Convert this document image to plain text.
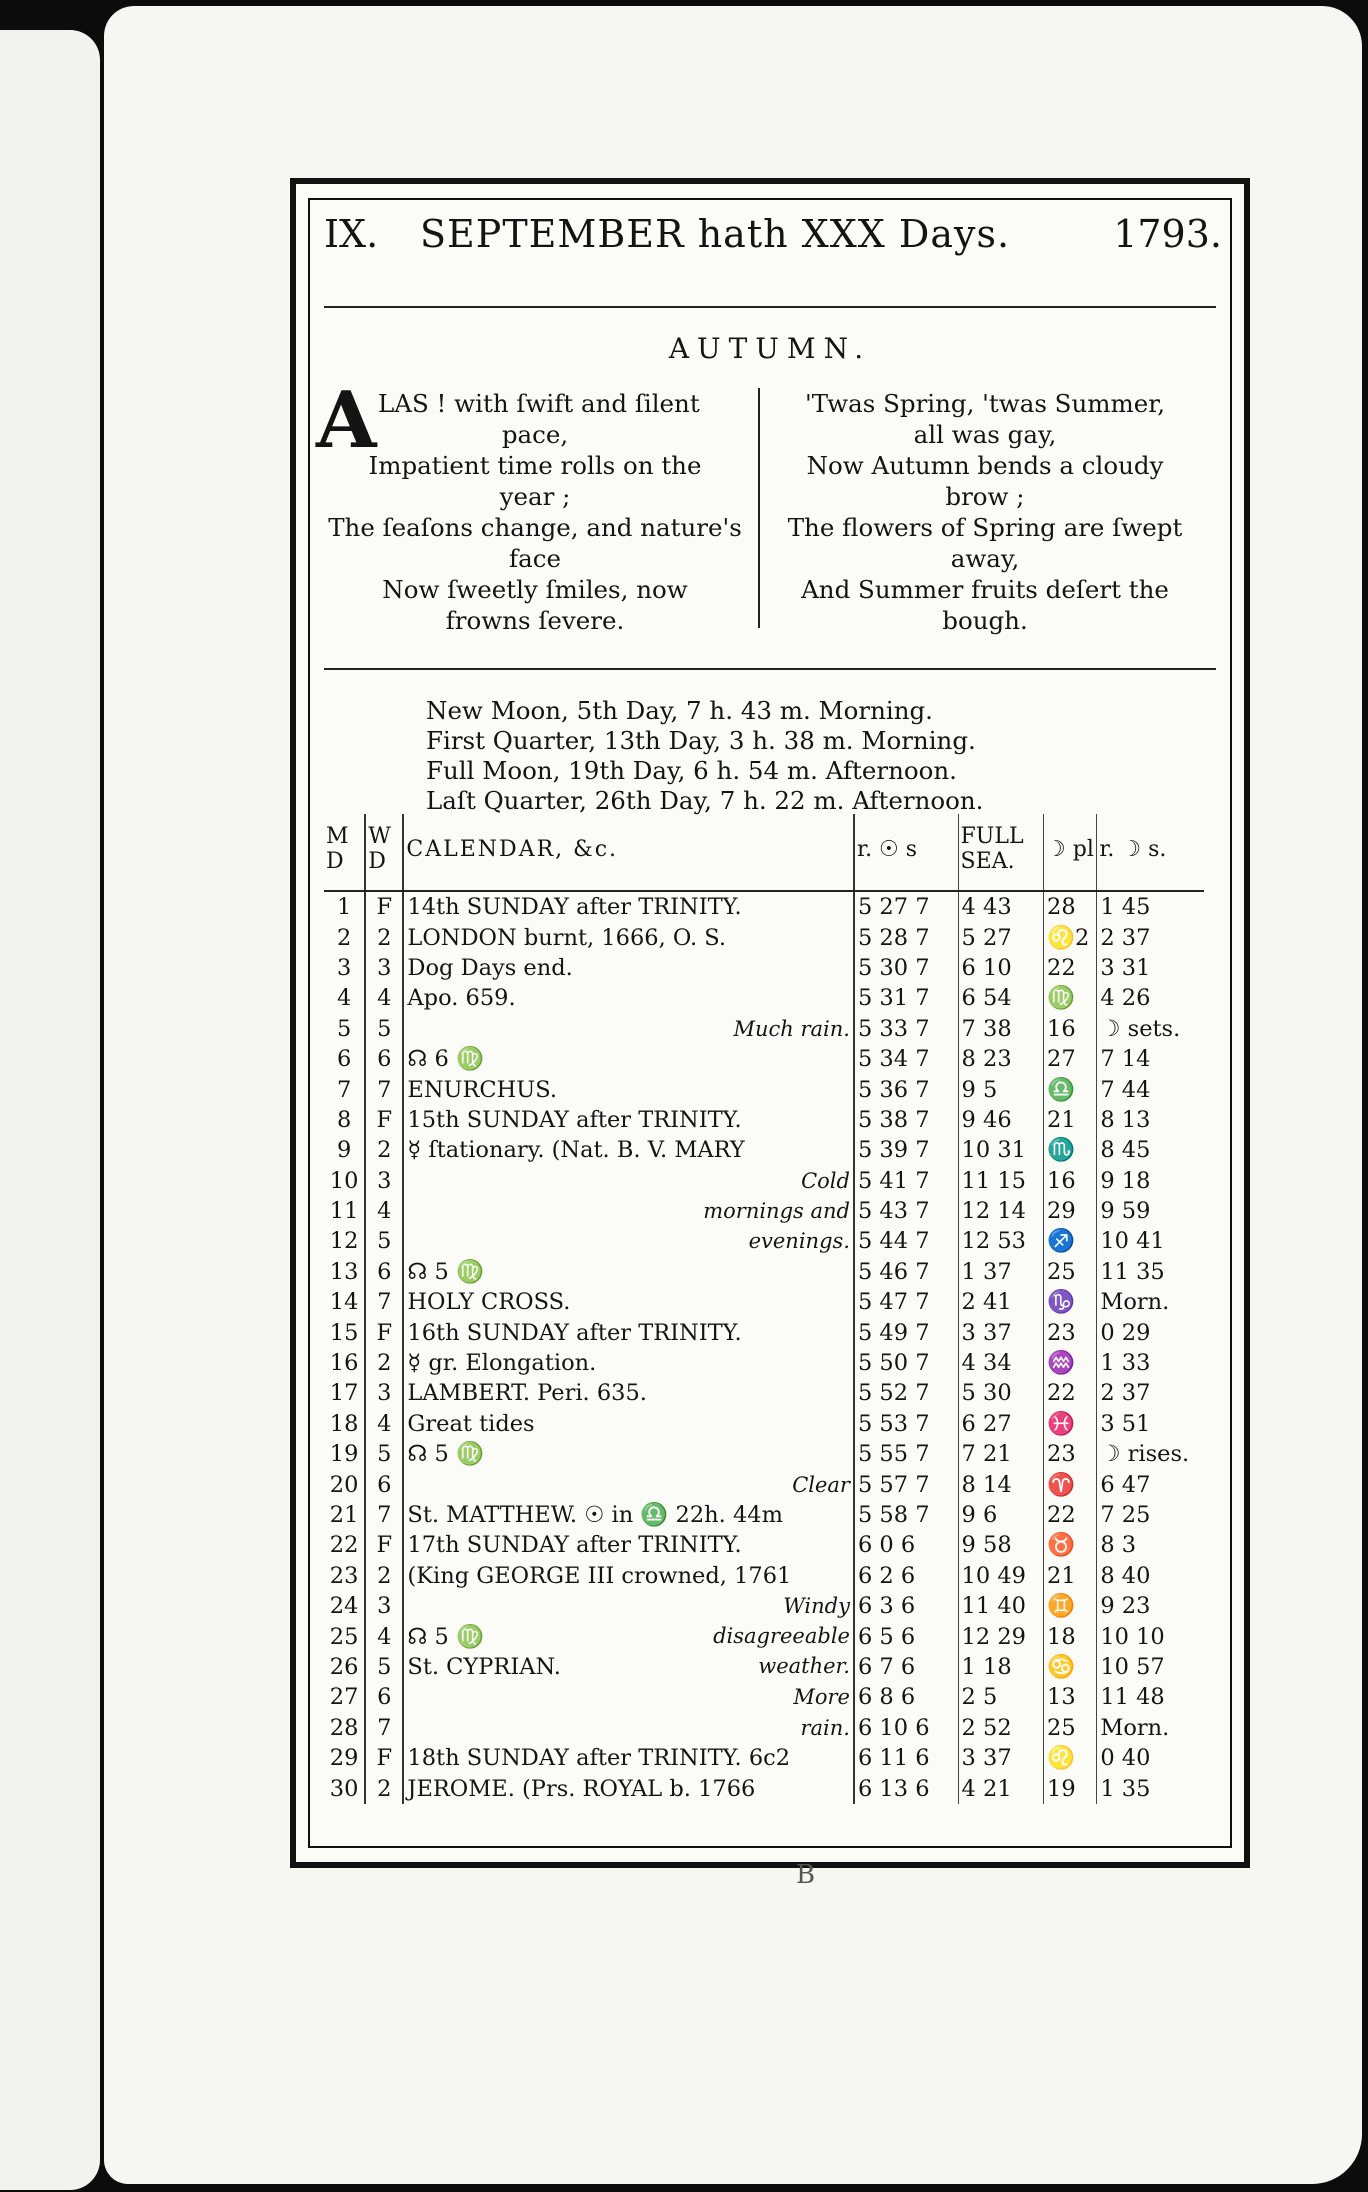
IX. SEPTEMBER hath XXX Days.	1793.
AUTUMN.
A LAS ! with ſwift and ſilent
pace,
Impatient time rolls on the
year ;
The ſeaſons change, and nature's
face
Now ſweetly ſmiles, now
frowns ſevere.
'Twas Spring, 'twas Summer,
all was gay,
Now Autumn bends a cloudy
brow ;
The flowers of Spring are ſwept
away,
And Summer fruits deſert the
bough.
New Moon, 5th Day, 7 h. 43 m. Morning.
First Quarter, 13th Day, 3 h. 38 m. Morning.
Full Moon, 19th Day, 6 h. 54 m. Afternoon.
Laſt Quarter, 26th Day, 7 h. 22 m. Afternoon.
M D	W D	CALENDAR, &c.	r. ☉ s	FULL SEA.	☽ pl	r. ☽ s.
1	F	14th SUNDAY after TRINITY.	5 27 7	4 43	28	1 45
2	2	LONDON burnt, 1666, O. S.	5 28 7	5 27	♌2	2 37
3	3	Dog Days end.	5 30 7	6 10	22	3 31
4	4	Apo. 659.	5 31 7	6 54	♍	4 26
5	5	Much rain.	5 33 7	7 38	16	☽ sets.
6	6	☊ 6 ♍	5 34 7	8 23	27	7 14
7	7	ENURCHUS.	5 36 7	9 5	♎	7 44
8	F	15th SUNDAY after TRINITY.	5 38 7	9 46	21	8 13
9	2	☿ ſtationary. (Nat. B. V. MARY	5 39 7	10 31	♏	8 45
10	3	Cold	5 41 7	11 15	16	9 18
11	4	mornings and	5 43 7	12 14	29	9 59
12	5	evenings.	5 44 7	12 53	♐	10 41
13	6	☊ 5 ♍	5 46 7	1 37	25	11 35
14	7	HOLY CROSS.	5 47 7	2 41	♑	Morn.
15	F	16th SUNDAY after TRINITY.	5 49 7	3 37	23	0 29
16	2	☿ gr. Elongation.	5 50 7	4 34	♒	1 33
17	3	LAMBERT. Peri. 635.	5 52 7	5 30	22	2 37
18	4	Great tides	5 53 7	6 27	♓	3 51
19	5	☊ 5 ♍	5 55 7	7 21	23	☽ rises.
20	6	Clear	5 57 7	8 14	♈	6 47
21	7	St. MATTHEW. ☉ in ♎ 22h. 44m	5 58 7	9 6	22	7 25
22	F	17th SUNDAY after TRINITY.	6 0 6	9 58	♉	8 3
23	2	(King GEORGE III crowned, 1761	6 2 6	10 49	21	8 40
24	3	Windy	6 3 6	11 40	♊	9 23
25	4	☊ 5 ♍ disagreeable	6 5 6	12 29	18	10 10
26	5	St. CYPRIAN. weather.	6 7 6	1 18	♋	10 57
27	6	More	6 8 6	2 5	13	11 48
28	7	rain.	6 10 6	2 52	25	Morn.
29	F	18th SUNDAY after TRINITY. 6c2	6 11 6	3 37	♌	0 40
30	2	JEROME. (Prs. ROYAL b. 1766	6 13 6	4 21	19	1 35
B
